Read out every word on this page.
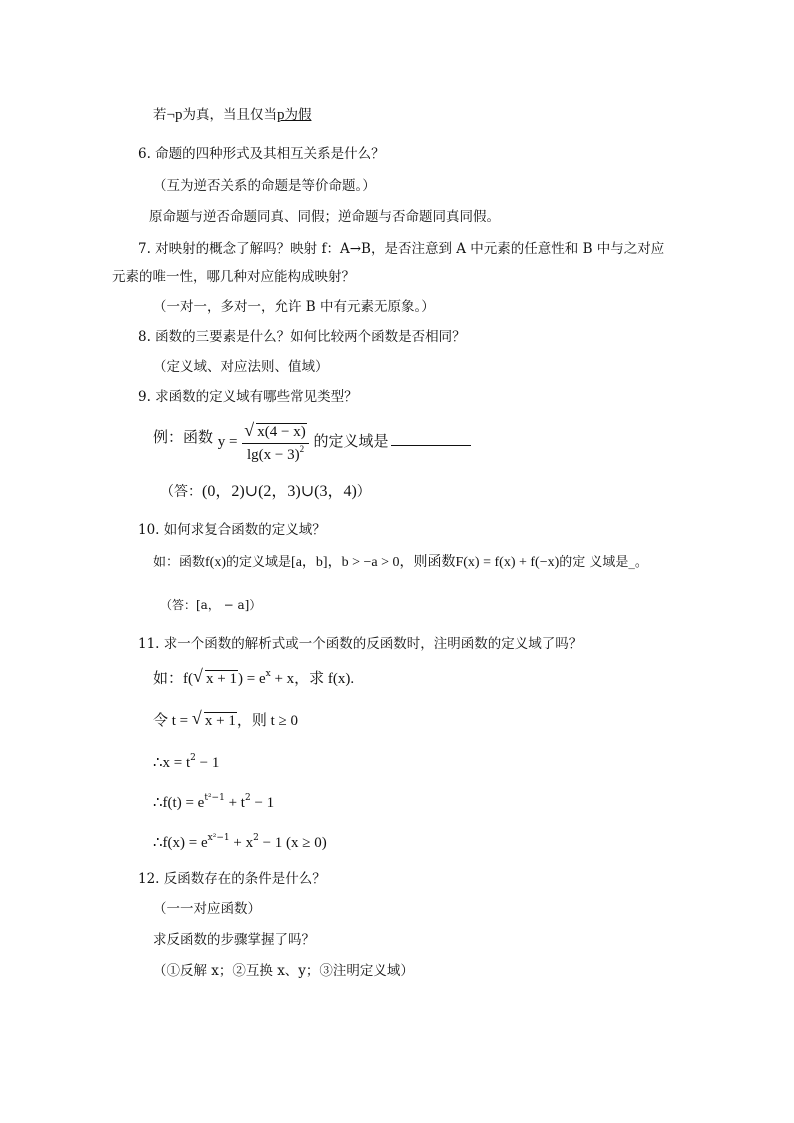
若¬p为真，当且仅当p为假
6. 命题的四种形式及其相互关系是什么？
（互为逆否关系的命题是等价命题。）
原命题与逆否命题同真、同假；逆命题与否命题同真同假。
7. 对映射的概念了解吗？映射 f：A→B，是否注意到 A 中元素的任意性和 B 中与之对应
元素的唯一性，哪几种对应能构成映射？
（一对一，多对一，允许 B 中有元素无原象。）
8. 函数的三要素是什么？如何比较两个函数是否相同？
（定义域、对应法则、值域）
9. 求函数的定义域有哪些常见类型？
例：函数 $y = \frac{√ x(4 - x)}{\lg(x - 3)^2}$ 的定义域是
（答：(0，2)∪(2，3)∪(3，4)）
10. 如何求复合函数的定义域？
如：函数f(x)的定义域是[a，b]，b > −a > 0，则函数F(x) = f(x) + f(−x)的定 义域是_。
（答：[a， − a]）
11. 求一个函数的解析式或一个函数的反函数时，注明函数的定义域了吗？
如：f( √ $x + 1) = e^x + x$，求 f(x).
令 t = √ x + 1，则 t ≥ 0
∴x = $t^2 - 1$
∴f(t) = $e^{t^2-1} + t^2 - 1$
∴f(x) = $e^{x^2-1} + x^2 - 1$ (x ≥ 0)
12. 反函数存在的条件是什么？
（一一对应函数）
求反函数的步骤掌握了吗？
（①反解 x；②互换 x、y；③注明定义域）
